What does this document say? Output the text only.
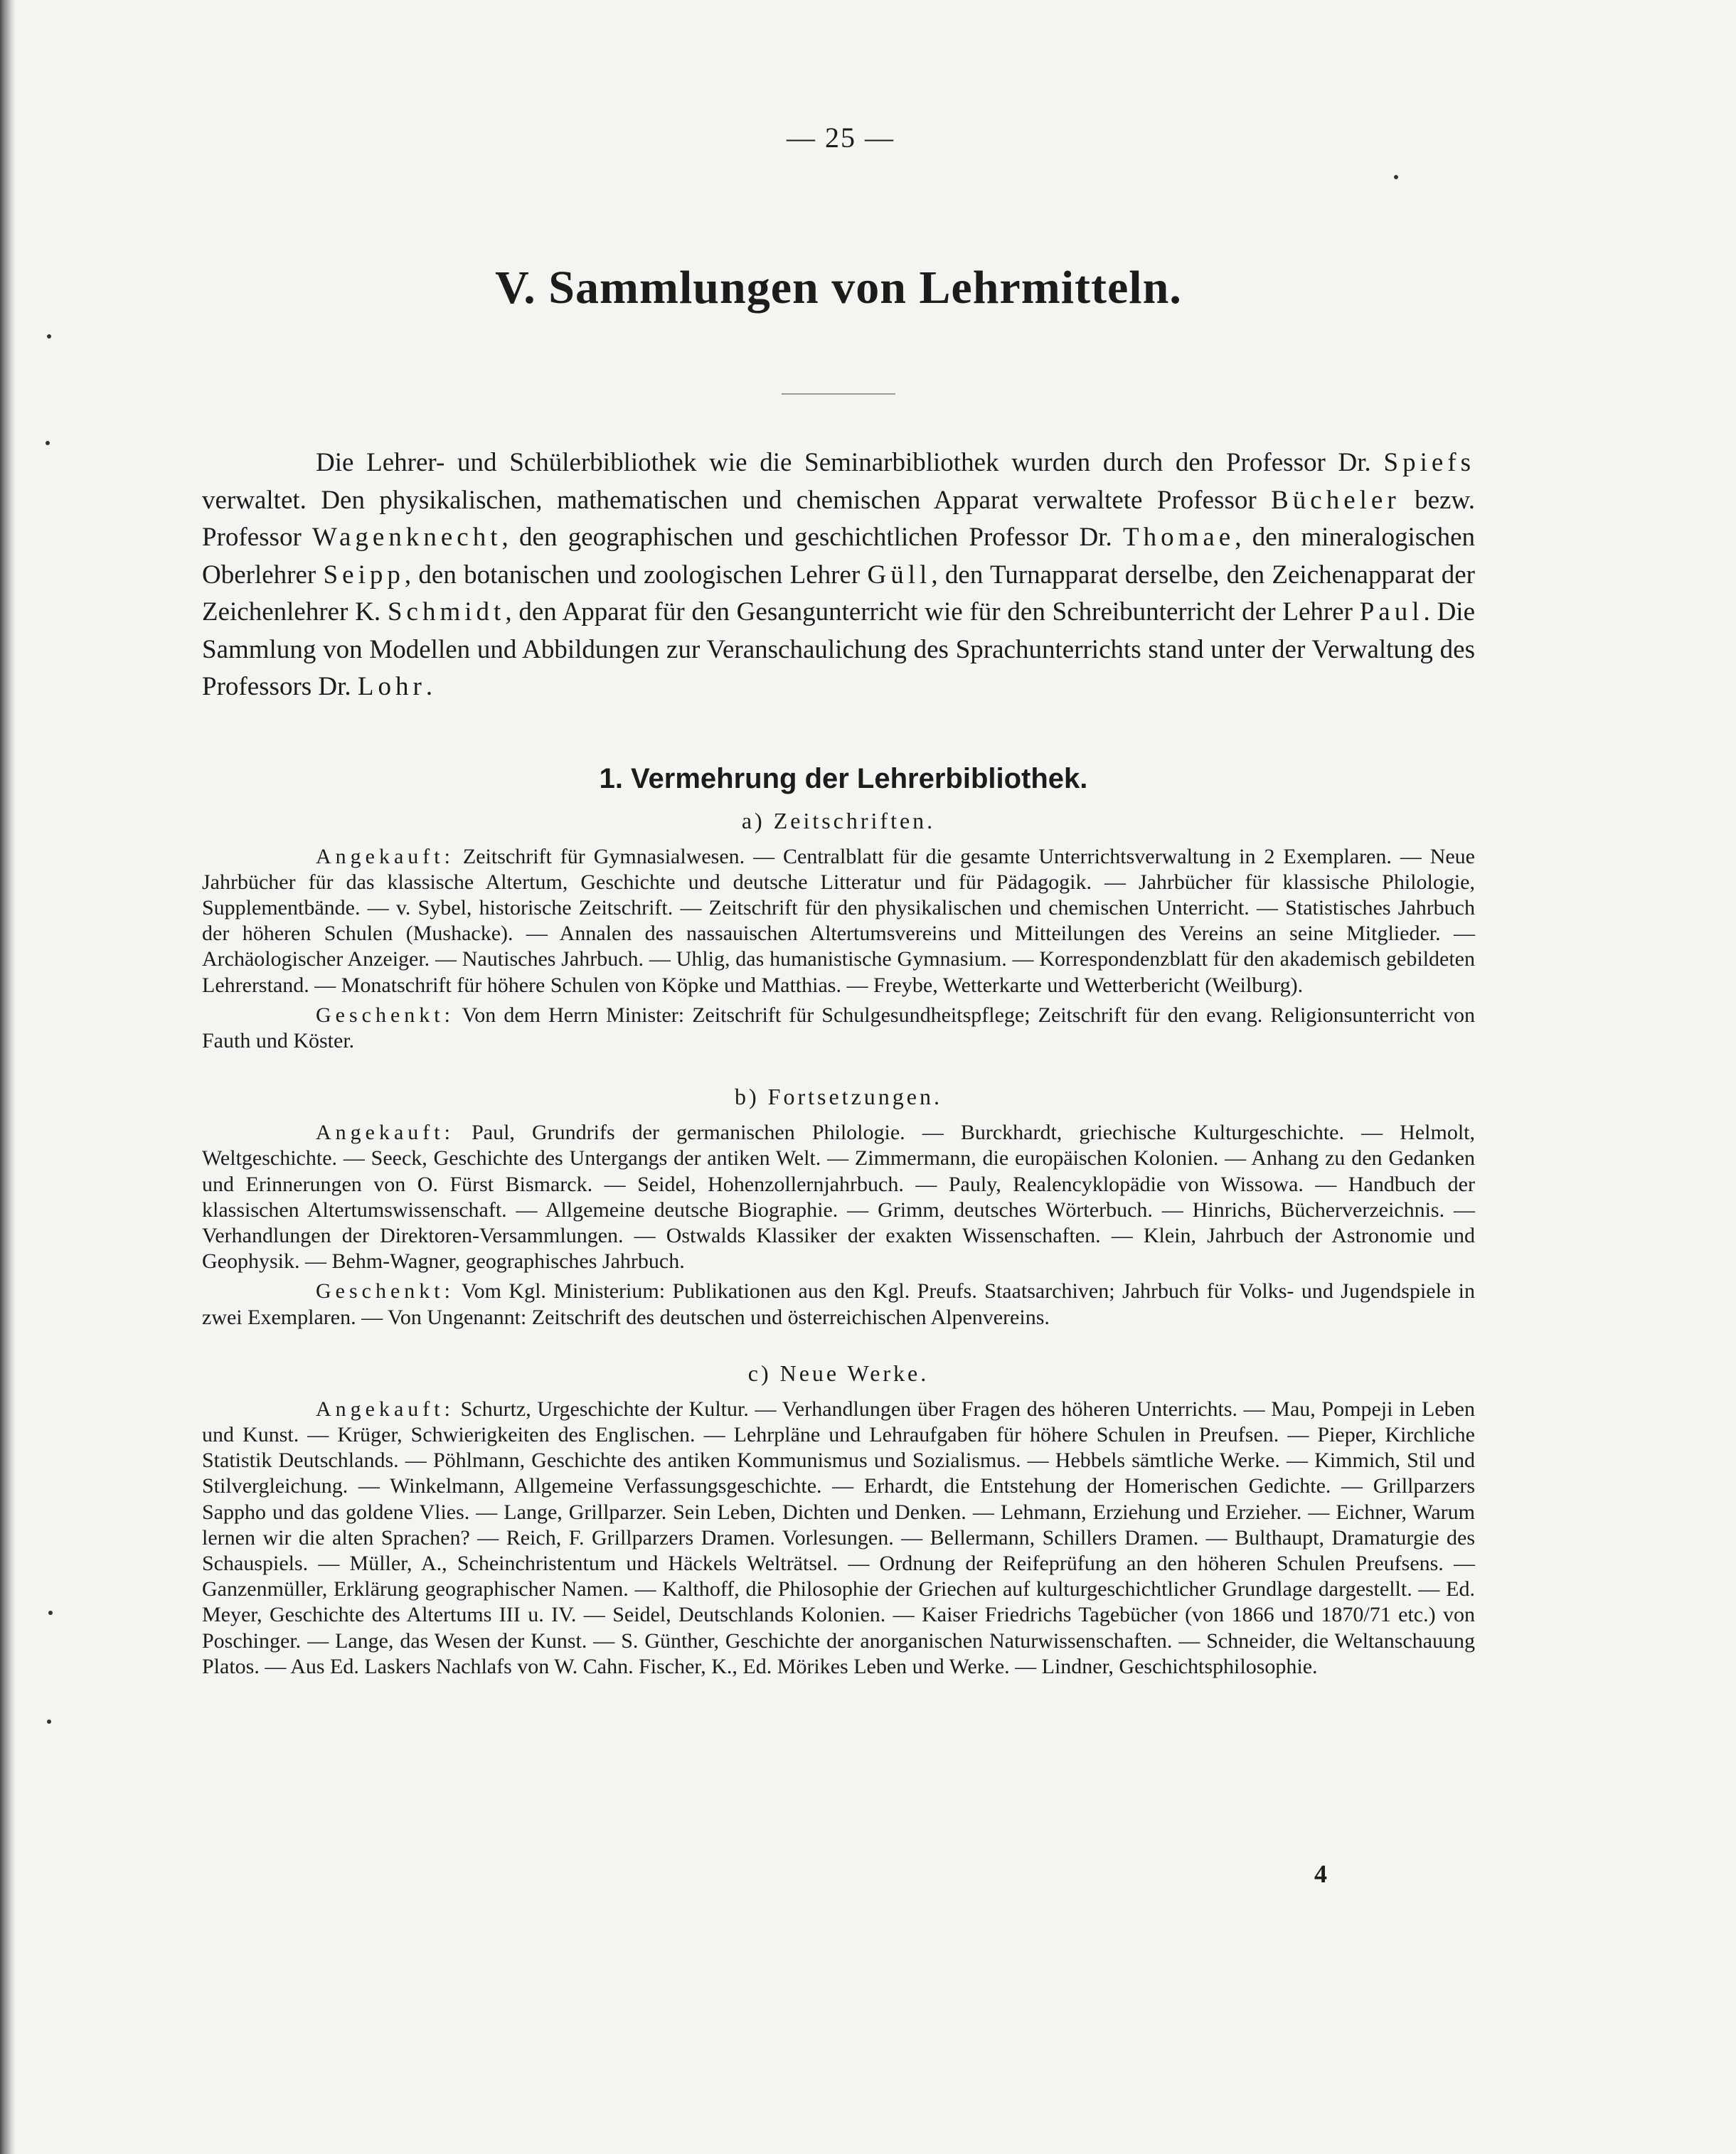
— 25 —
V. Sammlungen von Lehrmitteln.
Die Lehrer- und Schülerbibliothek wie die Seminarbibliothek wurden durch den Professor Dr. Spiefs verwaltet. Den physikalischen, mathematischen und chemischen Apparat verwaltete Professor Bücheler bezw. Professor Wagenknecht, den geographischen und geschichtlichen Professor Dr. Thomae, den mineralogischen Oberlehrer Seipp, den botanischen und zoologischen Lehrer Güll, den Turnapparat derselbe, den Zeichenapparat der Zeichenlehrer K. Schmidt, den Apparat für den Gesangunterricht wie für den Schreibunterricht der Lehrer Paul. Die Sammlung von Modellen und Abbildungen zur Veranschaulichung des Sprachunterrichts stand unter der Verwaltung des Professors Dr. Lohr.
1. Vermehrung der Lehrerbibliothek.
a) Zeitschriften.
Angekauft: Zeitschrift für Gymnasialwesen. — Centralblatt für die gesamte Unterrichtsverwaltung in 2 Exemplaren. — Neue Jahrbücher für das klassische Altertum, Geschichte und deutsche Litteratur und für Pädagogik. — Jahrbücher für klassische Philologie, Supplementbände. — v. Sybel, historische Zeitschrift. — Zeitschrift für den physikalischen und chemischen Unterricht. — Statistisches Jahrbuch der höheren Schulen (Mushacke). — Annalen des nassauischen Altertumsvereins und Mitteilungen des Vereins an seine Mitglieder. — Archäologischer Anzeiger. — Nautisches Jahrbuch. — Uhlig, das humanistische Gymnasium. — Korrespondenzblatt für den akademisch gebildeten Lehrerstand. — Monatschrift für höhere Schulen von Köpke und Matthias. — Freybe, Wetterkarte und Wetterbericht (Weilburg).
Geschenkt: Von dem Herrn Minister: Zeitschrift für Schulgesundheitspflege; Zeitschrift für den evang. Religionsunterricht von Fauth und Köster.
b) Fortsetzungen.
Angekauft: Paul, Grundrifs der germanischen Philologie. — Burckhardt, griechische Kulturgeschichte. — Helmolt, Weltgeschichte. — Seeck, Geschichte des Untergangs der antiken Welt. — Zimmermann, die europäischen Kolonien. — Anhang zu den Gedanken und Erinnerungen von O. Fürst Bismarck. — Seidel, Hohenzollernjahrbuch. — Pauly, Realencyklopädie von Wissowa. — Handbuch der klassischen Altertumswissenschaft. — Allgemeine deutsche Biographie. — Grimm, deutsches Wörterbuch. — Hinrichs, Bücherverzeichnis. — Verhandlungen der Direktoren-Versammlungen. — Ostwalds Klassiker der exakten Wissenschaften. — Klein, Jahrbuch der Astronomie und Geophysik. — Behm-Wagner, geographisches Jahrbuch.
Geschenkt: Vom Kgl. Ministerium: Publikationen aus den Kgl. Preufs. Staatsarchiven; Jahrbuch für Volks- und Jugendspiele in zwei Exemplaren. — Von Ungenannt: Zeitschrift des deutschen und österreichischen Alpenvereins.
c) Neue Werke.
Angekauft: Schurtz, Urgeschichte der Kultur. — Verhandlungen über Fragen des höheren Unterrichts. — Mau, Pompeji in Leben und Kunst. — Krüger, Schwierigkeiten des Englischen. — Lehrpläne und Lehraufgaben für höhere Schulen in Preufsen. — Pieper, Kirchliche Statistik Deutschlands. — Pöhlmann, Geschichte des antiken Kommunismus und Sozialismus. — Hebbels sämtliche Werke. — Kimmich, Stil und Stilvergleichung. — Winkelmann, Allgemeine Verfassungsgeschichte. — Erhardt, die Entstehung der Homerischen Gedichte. — Grillparzers Sappho und das goldene Vlies. — Lange, Grillparzer. Sein Leben, Dichten und Denken. — Lehmann, Erziehung und Erzieher. — Eichner, Warum lernen wir die alten Sprachen? — Reich, F. Grillparzers Dramen. Vorlesungen. — Bellermann, Schillers Dramen. — Bulthaupt, Dramaturgie des Schauspiels. — Müller, A., Scheinchristentum und Häckels Welträtsel. — Ordnung der Reifeprüfung an den höheren Schulen Preufsens. — Ganzenmüller, Erklärung geographischer Namen. — Kalthoff, die Philosophie der Griechen auf kulturgeschichtlicher Grundlage dargestellt. — Ed. Meyer, Geschichte des Altertums III u. IV. — Seidel, Deutschlands Kolonien. — Kaiser Friedrichs Tagebücher (von 1866 und 1870/71 etc.) von Poschinger. — Lange, das Wesen der Kunst. — S. Günther, Geschichte der anorganischen Naturwissenschaften. — Schneider, die Weltanschauung Platos. — Aus Ed. Laskers Nachlafs von W. Cahn. Fischer, K., Ed. Mörikes Leben und Werke. — Lindner, Geschichtsphilosophie.
4
